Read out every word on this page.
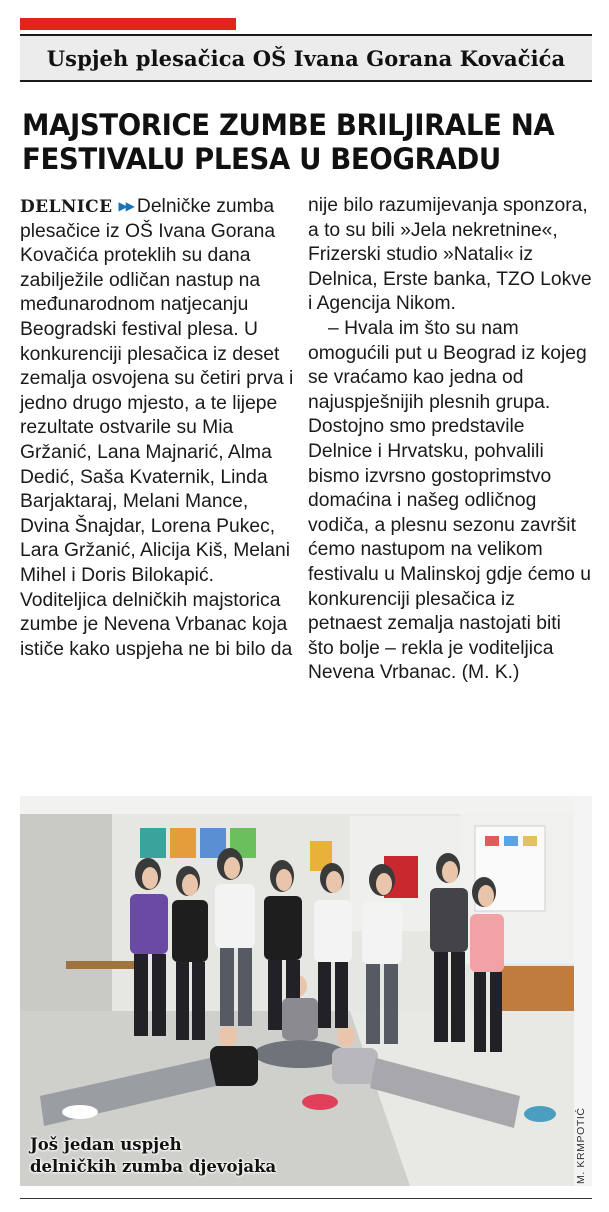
Uspjeh plesačica OŠ Ivana Gorana Kovačića
MAJSTORICE ZUMBE BRILJIRALE NA FESTIVALU PLESA U BEOGRADU

DELNICE ▶▶ Delničke zumba plesačice iz OŠ Ivana Gorana Kovačića proteklih su dana zabilježile odličan nastup na međunarodnom natjecanju Beogradski festival plesa. U konkurenciji plesačica iz deset zemalja osvojena su četiri prva i jedno drugo mjesto, a te lijepe rezultate ostvarile su Mia Gržanić, Lana Majnarić, Alma Dedić, Saša Kvaternik, Linda Barjaktaraj, Melani Mance, Dvina Šnajdar, Lorena Pukec, Lara Gržanić, Alicija Kiš, Melani Mihel i Doris Bilokapić. Voditeljica delničkih majstorica zumbe je Nevena Vrbanac koja ističe kako uspjeha ne bi bilo da

nije bilo razumijevanja sponzora, a to su bili »Jela nekretnine«, Frizerski studio »Natali« iz Delnica, Erste banka, TZO Lokve i Agencija Nikom.

– Hvala im što su nam omogućili put u Beograd iz kojeg se vraćamo kao jedna od najuspješnijih plesnih grupa. Dostojno smo predstavile Delnice i Hrvatsku, pohvalili bismo izvrsno gostoprimstvo domaćina i našeg odličnog vodiča, a plesnu sezonu završit ćemo nastupom na velikom festivalu u Malinskoj gdje ćemo u konkurenciji plesačica iz petnaest zemalja nastojati biti što bolje – rekla je voditeljica Nevena Vrbanac. (M. K.)

Još jedan uspjeh
delničkih zumba djevojaka	M. KRMPOTIĆ
